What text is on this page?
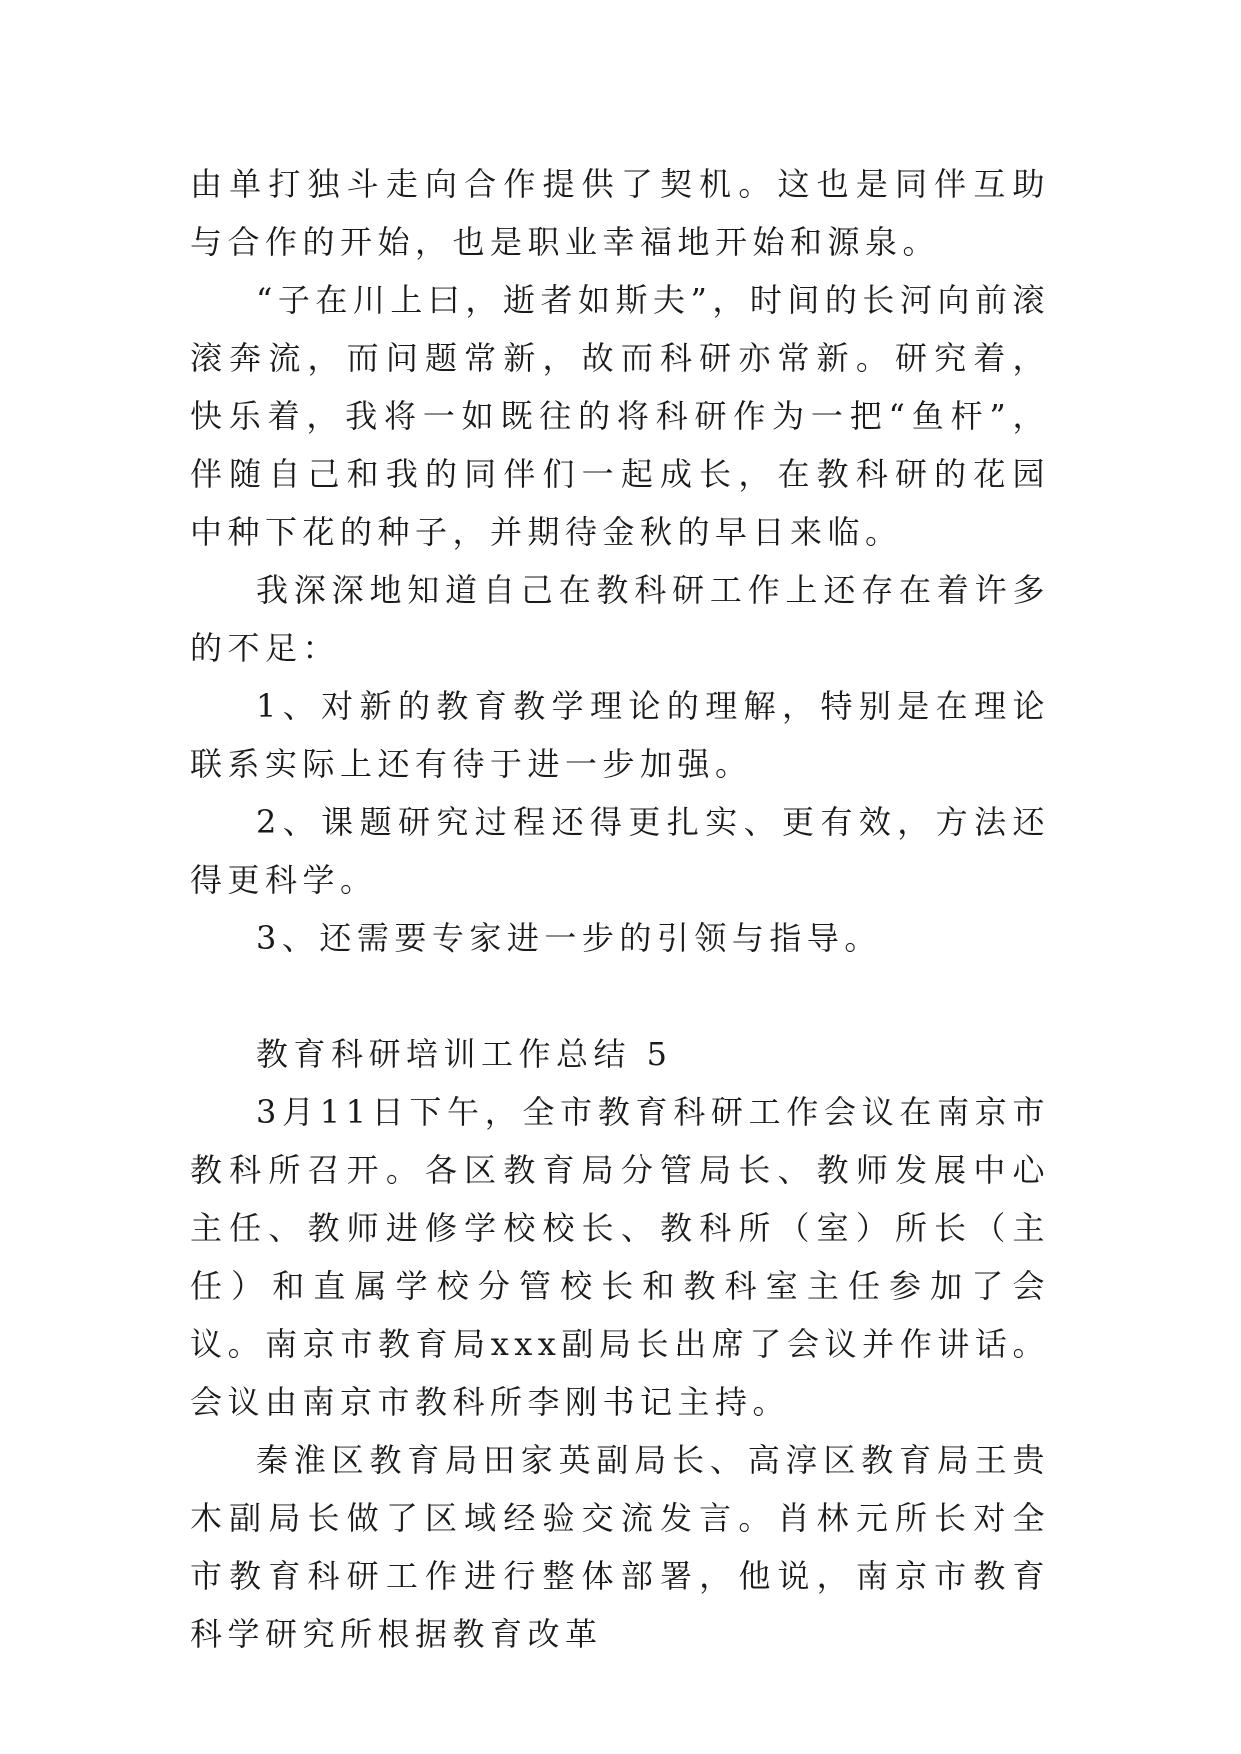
由单打独斗走向合作提供了契机。这也是同伴互助与合作的开始，也是职业幸福地开始和源泉。

“子在川上曰，逝者如斯夫”，时间的长河向前滚滚奔流，而问题常新，故而科研亦常新。研究着，快乐着，我将一如既往的将科研作为一把“鱼杆”，伴随自己和我的同伴们一起成长，在教科研的花园中种下花的种子，并期待金秋的早日来临。

我深深地知道自己在教科研工作上还存在着许多的不足：

1、对新的教育教学理论的理解，特别是在理论联系实际上还有待于进一步加强。

2、课题研究过程还得更扎实、更有效，方法还得更科学。

3、还需要专家进一步的引领与指导。

教育科研培训工作总结 5

3月11日下午，全市教育科研工作会议在南京市教科所召开。各区教育局分管局长、教师发展中心主任、教师进修学校校长、教科所（室）所长（主任）和直属学校分管校长和教科室主任参加了会议。南京市教育局xxx副局长出席了会议并作讲话。会议由南京市教科所李刚书记主持。

秦淮区教育局田家英副局长、高淳区教育局王贵木副局长做了区域经验交流发言。肖林元所长对全市教育科研工作进行整体部署，他说，南京市教育科学研究所根据教育改革
